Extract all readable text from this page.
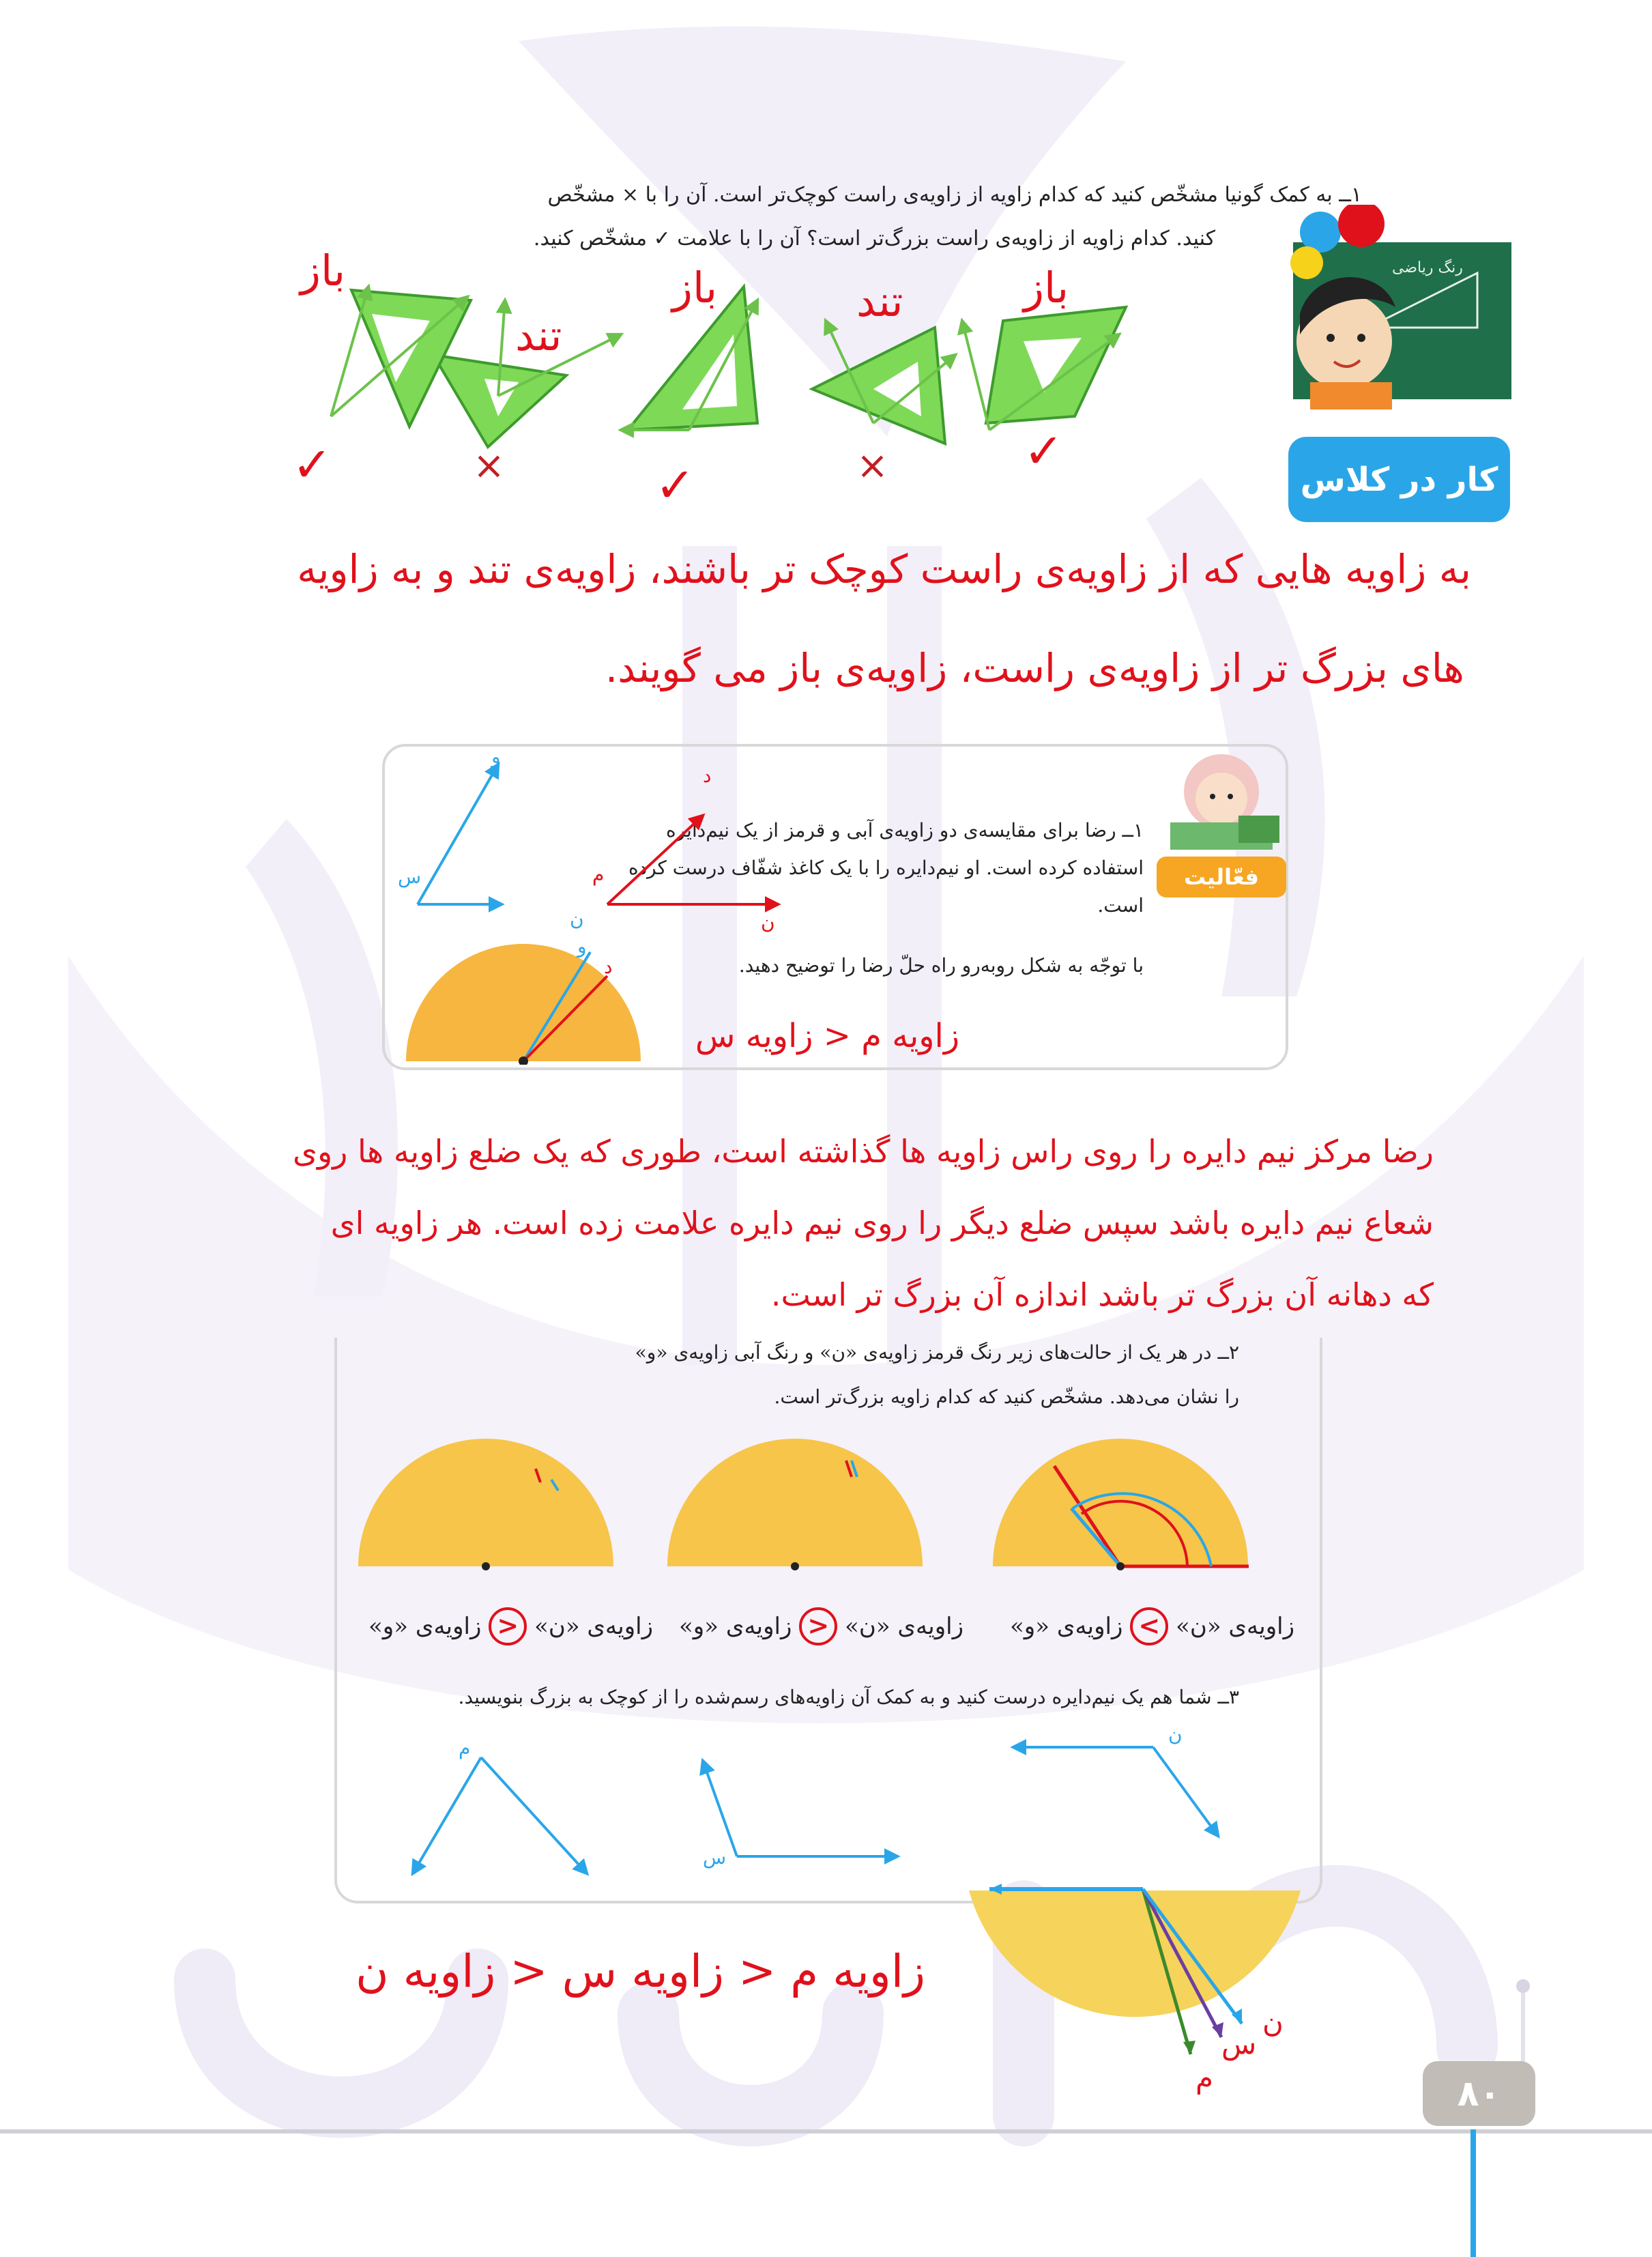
۸۰
رنگ ریاضی
کار در کلاس
۱ــ به کمک گونیا مشخّص کنید که کدام زاویه از زاویه‌ی راست کوچک‌تر است. آن را با × مشخّص
کنید. کدام زاویه از زاویه‌ی راست بزرگ‌تر است؟ آن را با علامت ✓ مشخّص کنید.
باز
تند
باز
تند
باز
✓
×
✓
×
✓
به زاویه هایی که از زاویه‌ی راست کوچک تر باشند، زاویه‌ی تند و به زاویه
های بزرگ تر از زاویه‌ی راست، زاویه‌ی باز می گویند.
فعّالیت
۱ــ رضا برای مقایسه‌ی دو زاویه‌ی آبی و قرمز از یک نیم‌دایره
استفاده کرده است. او نیم‌دایره را با یک کاغذ شفّاف درست کرده
است.
با توجّه به شکل روبه‌رو راه حلّ رضا را توضیح دهید.
و
س
ن
د
م
ن
و
د
زاویه م < زاویه س
رضا مرکز نیم دایره را روی راس زاویه ها گذاشته است، طوری که یک ضلع زاویه ها روی
شعاع نیم دایره باشد سپس ضلع دیگر را روی نیم دایره علامت زده است. هر زاویه ای
که دهانه آن بزرگ تر باشد اندازه آن بزرگ تر است.
۲ــ در هر یک از حالت‌های زیر رنگ قرمز زاویه‌ی «ن» و رنگ آبی زاویه‌ی «و»
را نشان می‌دهد. مشخّص کنید که کدام زاویه بزرگ‌تر است.
زاویه‌ی «ن» > زاویه‌ی «و»
زاویه‌ی «ن» < زاویه‌ی «و»
زاویه‌ی «ن» < زاویه‌ی «و»
۳ــ شما هم یک نیم‌دایره درست کنید و به کمک آن زاویه‌های رسم‌شده را از کوچک به بزرگ بنویسید.
م
س
ن
ن
س
م
زاویه م < زاویه س < زاویه ن
